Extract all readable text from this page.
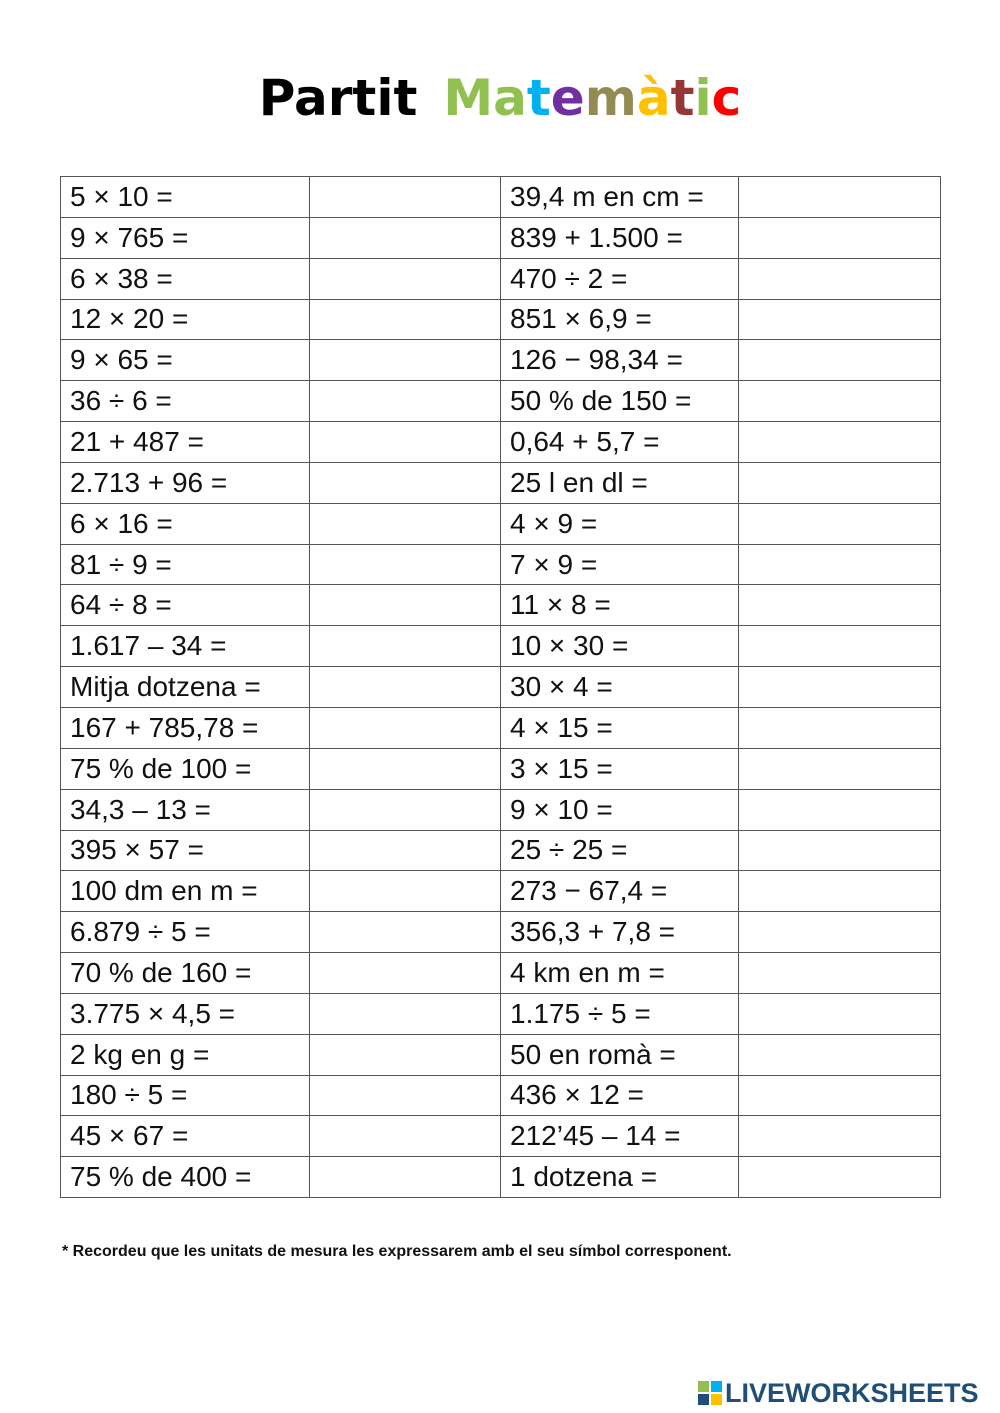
Partit Matemàtic
5 × 10 =		39,4 m en cm =	
9 × 765 =		839 + 1.500 =	
6 × 38 =		470 ÷ 2 =	
12 × 20 =		851 × 6,9 =	
9 × 65 =		126 − 98,34 =	
36 ÷ 6 =		50 % de 150 =	
21 + 487 =		0,64 + 5,7 =	
2.713 + 96 =		25 l en dl =	
6 × 16 =		4 × 9 =	
81 ÷ 9 =		7 × 9 =	
64 ÷ 8 =		11 × 8 =	
1.617 – 34 =		10 × 30 =	
Mitja dotzena =		30 × 4 =	
167 + 785,78 =		4 × 15 =	
75 % de 100 =		3 × 15 =	
34,3 – 13 =		9 × 10 =	
395 × 57 =		25 ÷ 25 =	
100 dm en m =		273 − 67,4 =	
6.879 ÷ 5 =		356,3 + 7,8 =	
70 % de 160 =		4 km en m =	
3.775 × 4,5 =		1.175 ÷ 5 =	
2 kg en g =		50 en romà =	
180 ÷ 5 =		436 × 12 =	
45 × 67 =		212’45 – 14 =	
75 % de 400 =		1 dotzena =	
* Recordeu que les unitats de mesura les expressarem amb el seu símbol corresponent.
LIVEWORKSHEETS
